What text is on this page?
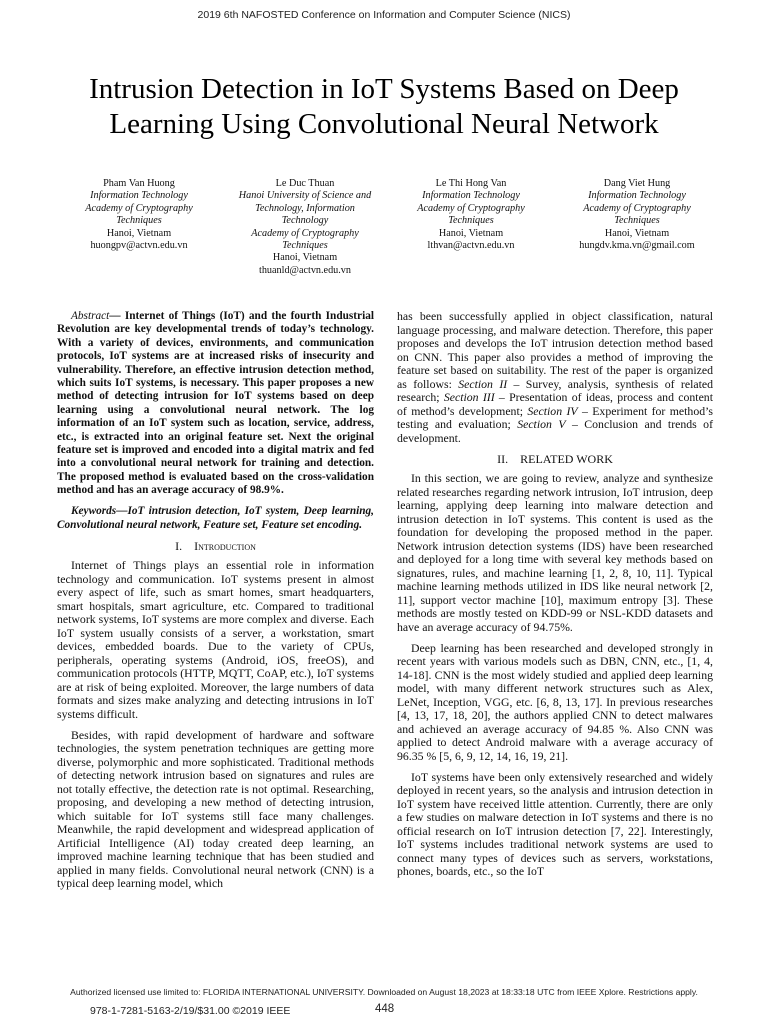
2019 6th NAFOSTED Conference on Information and Computer Science (NICS)
Intrusion Detection in IoT Systems Based on Deep
Learning Using Convolutional Neural Network
Pham Van Huong
Information Technology
Academy of Cryptography
Techniques
Hanoi, Vietnam
huongpv@actvn.edu.vn
Le Duc Thuan
Hanoi University of Science and
Technology, Information
Technology
Academy of Cryptography
Techniques
Hanoi, Vietnam
thuanld@actvn.edu.vn
Le Thi Hong Van
Information Technology
Academy of Cryptography
Techniques
Hanoi, Vietnam
lthvan@actvn.edu.vn
Dang Viet Hung
Information Technology
Academy of Cryptography
Techniques
Hanoi, Vietnam
hungdv.kma.vn@gmail.com

Abstract— Internet of Things (IoT) and the fourth Industrial Revolution are key developmental trends of today’s technology. With a variety of devices, environments, and communication protocols, IoT systems are at increased risks of insecurity and vulnerability. Therefore, an effective intrusion detection method, which suits IoT systems, is necessary. This paper proposes a new method of detecting intrusion for IoT systems based on deep learning using a convolutional neural network. The log information of an IoT system such as location, service, address, etc., is extracted into an original feature set. Next the original feature set is improved and encoded into a digital matrix and fed into a convolutional neural network for training and detection. The proposed method is evaluated based on the cross-validation method and has an average accuracy of 98.9%.

Keywords—IoT intrusion detection, IoT system, Deep learning, Convolutional neural network, Feature set, Feature set encoding.

I. Introduction

Internet of Things plays an essential role in information technology and communication. IoT systems present in almost every aspect of life, such as smart homes, smart headquarters, smart hospitals, smart agriculture, etc. Compared to traditional network systems, IoT systems are more complex and diverse. Each IoT system usually consists of a server, a workstation, smart devices, embedded boards. Due to the variety of CPUs, peripherals, operating systems (Android, iOS, freeOS), and communication protocols (HTTP, MQTT, CoAP, etc.), IoT systems are at risk of being exploited. Moreover, the large numbers of data formats and sizes make analyzing and detecting intrusions in IoT systems difficult.

Besides, with rapid development of hardware and software technologies, the system penetration techniques are getting more diverse, polymorphic and more sophisticated. Traditional methods of detecting network intrusion based on signatures and rules are not totally effective, the detection rate is not optimal. Researching, proposing, and developing a new method of detecting intrusion, which suitable for IoT systems still face many challenges. Meanwhile, the rapid development and widespread application of Artificial Intelligence (AI) today created deep learning, an improved machine learning technique that has been studied and applied in many fields. Convolutional neural network (CNN) is a typical deep learning model, which

has been successfully applied in object classification, natural language processing, and malware detection. Therefore, this paper proposes and develops the IoT intrusion detection method based on CNN. This paper also provides a method of improving the feature set based on suitability. The rest of the paper is organized as follows: Section II – Survey, analysis, synthesis of related research; Section III – Presentation of ideas, process and content of method’s development; Section IV – Experiment for method’s testing and evaluation; Section V – Conclusion and trends of development.

II. RELATED WORK

In this section, we are going to review, analyze and synthesize related researches regarding network intrusion, IoT intrusion, deep learning, applying deep learning into malware detection and intrusion detection in IoT systems. This content is used as the foundation for developing the proposed method in the paper. Network intrusion detection systems (IDS) have been researched and deployed for a long time with several key methods based on signatures, rules, and machine learning [1, 2, 8, 10, 11]. Typical machine learning methods utilized in IDS like neural network [2, 11], support vector machine [10], maximum entropy [3]. These methods are mostly tested on KDD-99 or NSL-KDD datasets and have an average accuracy of 94.75%.

Deep learning has been researched and developed strongly in recent years with various models such as DBN, CNN, etc., [1, 4, 14-18]. CNN is the most widely studied and applied deep learning model, with many different network structures such as Alex, LeNet, Inception, VGG, etc. [6, 8, 13, 17]. In previous researches [4, 13, 17, 18, 20], the authors applied CNN to detect malwares and achieved an average accuracy of 94.85 %. Also CNN was applied to detect Android malware with a average accuracy of 96.35 % [5, 6, 9, 12, 14, 16, 19, 21].

IoT systems have been only extensively researched and widely deployed in recent years, so the analysis and intrusion detection in IoT system have received little attention. Currently, there are only a few studies on malware detection in IoT systems and there is no official research on IoT intrusion detection [7, 22]. Interestingly, IoT systems includes traditional network systems are used to connect many types of devices such as servers, workstations, phones, boards, etc., so the IoT

Authorized licensed use limited to: FLORIDA INTERNATIONAL UNIVERSITY. Downloaded on August 18,2023 at 18:33:18 UTC from IEEE Xplore. Restrictions apply.
978-1-7281-5163-2/19/$31.00 ©2019 IEEE	448
